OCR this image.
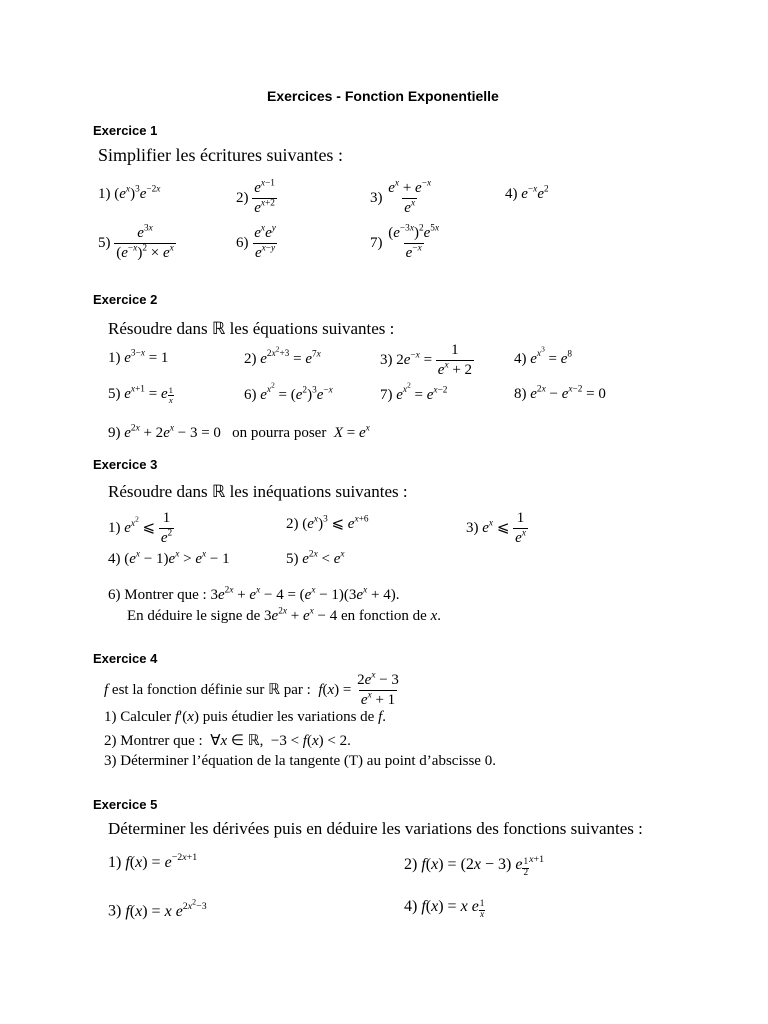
Exercices - Fonction Exponentielle
Exercice 1
Simplifier les écritures suivantes :
1) $(e^x)^3e^{-2x}$
$2) \frac{e^{x-1}}{e^{x+2}}$	$3) \frac{e^x + e^{-x}}{e^x}$	4) $e^{-x}e^2$
$5) \frac{e^{3x}}{(e^{-x})^2 \times e^x}$	$6) \frac{e^xe^y}{e^{x-y}}$	$7) \frac{(e^{-3x})^2e^{5x}}{e^{-x}}$
Exercice 2
Résoudre dans ℝ les équations suivantes :
1) $e^{3-x} = 1$	2) $e^{2x^2+3} = e^{7x}$	3) $2e^{-x} = \frac{1}{e^x + 2}$	4) $e^{x^3} = e^8$
5) $e^{x+1} = e \frac{1}{x}$	6) $e^{x^2} = (e^2)^3e^{-x}$	7) $e^{x^2} = e^{x-2}$	8) $e^{2x} - e^{x-2} = 0$
9) $e^{2x} + 2e^x - 3 = 0$ on pourra poser $X = e^x$
Exercice 3
Résoudre dans ℝ les inéquations suivantes :
1) $e^{x^2}$ ⩽ $\frac{1}{e^2}$	2) $(e^x)^3$ ⩽ $e^{x+6}$
3) $e^x$ ⩽ $\frac{1}{e^x}$
4) $(e^x - 1)e^x > e^x - 1$	5) $e^{2x} < e^x$
6) Montrer que : $3e^{2x} + e^x - 4 = (e^x - 1)(3e^x + 4)$.
En déduire le signe de $3e^{2x} + e^x - 4$ en fonction de x.
Exercice 4
f est la fonction définie sur ℝ par : $f(x) = \frac{2e^x - 3}{e^x + 1}$
1) Calculer f′(x) puis étudier les variations de f.
2) Montrer que : ∀x ∈ ℝ,  −3 < f(x) < 2.
3) Déterminer l’équation de la tangente (T) au point d’abscisse 0.
Exercice 5
Déterminer les dérivées puis en déduire les variations des fonctions suivantes :
1) $f(x) = e^{-2x+1}$	2) f(x) = (2x − 3) e $\frac{1}{2} ^{x+1}$
3) f(x) = x $e^{2x^2-3}$	4) f(x) = x e $\frac{1}{x}$
